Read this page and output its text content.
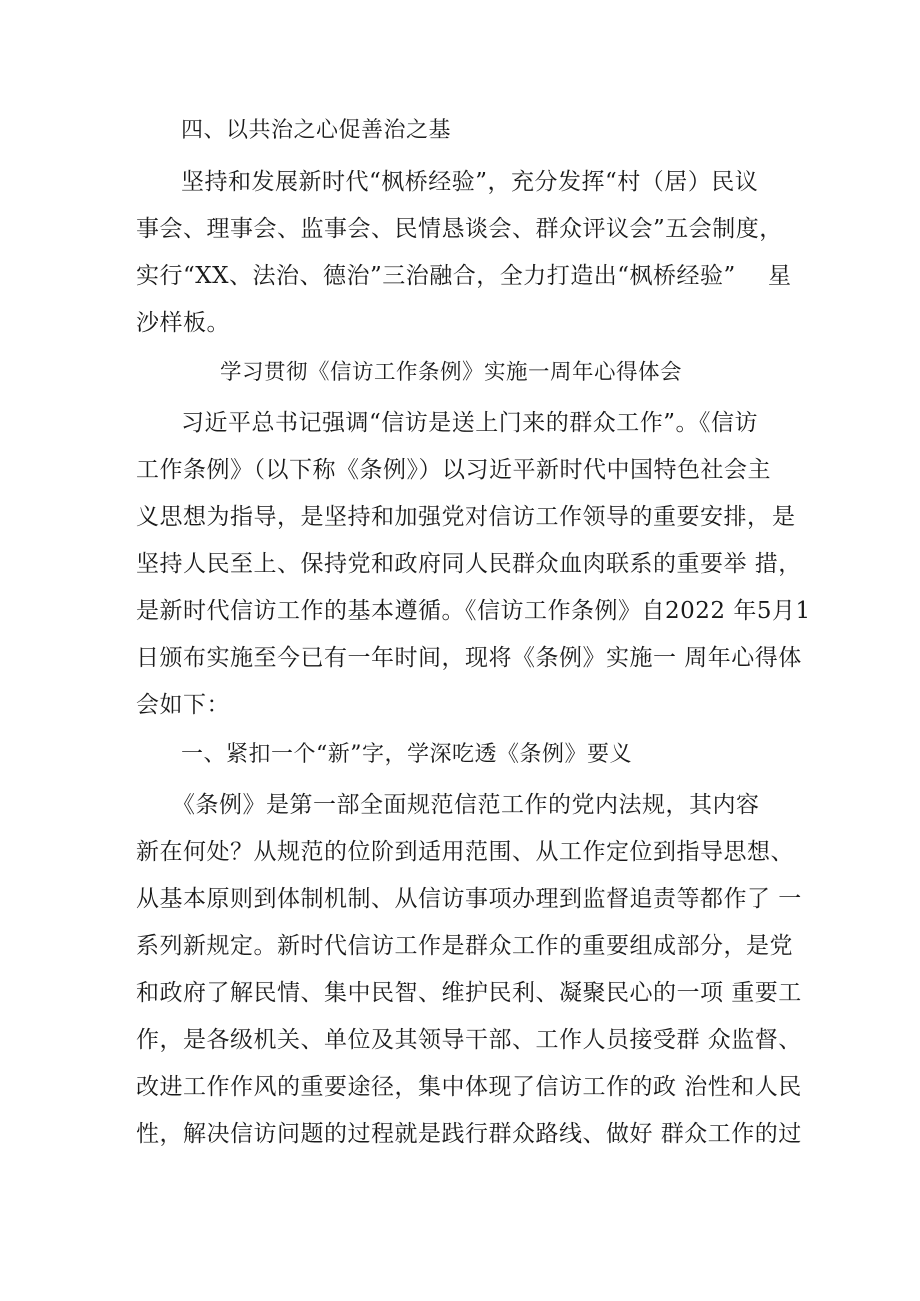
四、以共治之心促善治之基
坚持和发展新时代“枫桥经验”，充分发挥“村（居）民议
事会、理事会、监事会、民情恳谈会、群众评议会”五会制度，
实行“XX、法治、德治”三治融合，全力打造出“枫桥经验” 星
沙样板。
学习贯彻《信访工作条例》实施一周年心得体会
习近平总书记强调“信访是送上门来的群众工作”。《信访
工作条例》（以下称《条例》）以习近平新时代中国特色社会主
义思想为指导，是坚持和加强党对信访工作领导的重要安排， 是
坚持人民至上、保持党和政府同人民群众血肉联系的重要举 措，
是新时代信访工作的基本遵循。《信访工作条例》自2022 年5月1
日颁布实施至今已有一年时间，现将《条例》实施一 周年心得体
会如下：
一、紧扣一个“新”字，学深吃透《条例》要义
《条例》是第一部全面规范信范工作的党内法规，其内容
新在何处？从规范的位阶到适用范围、从工作定位到指导思想、
从基本原则到体制机制、从信访事项办理到监督追责等都作了 一
系列新规定。新时代信访工作是群众工作的重要组成部分， 是党
和政府了解民情、集中民智、维护民利、凝聚民心的一项 重要工
作，是各级机关、单位及其领导干部、工作人员接受群 众监督、
改进工作作风的重要途径，集中体现了信访工作的政 治性和人民
性，解决信访问题的过程就是践行群众路线、做好 群众工作的过
